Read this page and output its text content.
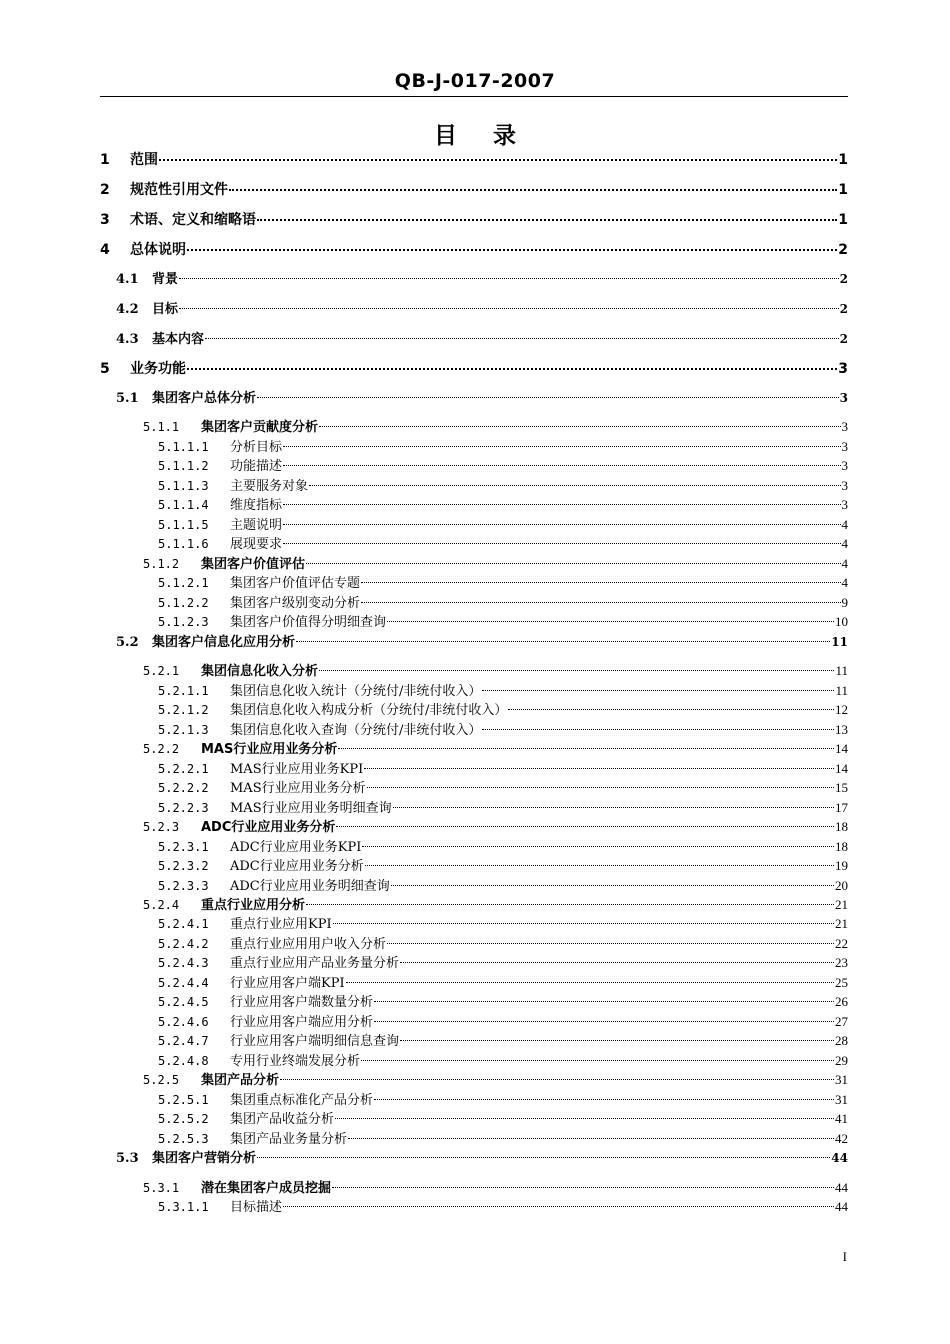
QB-J-017-2007
目 录
1	范围	1
2	规范性引用文件	1
3	术语、定义和缩略语	1
4	总体说明	2
4.1	背景	2
4.2	目标	2
4.3	基本内容	2
5	业务功能	3
5.1	集团客户总体分析	3
5.1.1	集团客户贡献度分析	3
5.1.1.1	分析目标	3
5.1.1.2	功能描述	3
5.1.1.3	主要服务对象	3
5.1.1.4	维度指标	3
5.1.1.5	主题说明	4
5.1.1.6	展现要求	4
5.1.2	集团客户价值评估	4
5.1.2.1	集团客户价值评估专题	4
5.1.2.2	集团客户级别变动分析	9
5.1.2.3	集团客户价值得分明细查询	10
5.2	集团客户信息化应用分析	11
5.2.1	集团信息化收入分析	11
5.2.1.1	集团信息化收入统计（分统付/非统付收入）	11
5.2.1.2	集团信息化收入构成分析（分统付/非统付收入）	12
5.2.1.3	集团信息化收入查询（分统付/非统付收入）	13
5.2.2	MAS行业应用业务分析	14
5.2.2.1	MAS行业应用业务KPI	14
5.2.2.2	MAS行业应用业务分析	15
5.2.2.3	MAS行业应用业务明细查询	17
5.2.3	ADC行业应用业务分析	18
5.2.3.1	ADC行业应用业务KPI	18
5.2.3.2	ADC行业应用业务分析	19
5.2.3.3	ADC行业应用业务明细查询	20
5.2.4	重点行业应用分析	21
5.2.4.1	重点行业应用KPI	21
5.2.4.2	重点行业应用用户收入分析	22
5.2.4.3	重点行业应用产品业务量分析	23
5.2.4.4	行业应用客户端KPI	25
5.2.4.5	行业应用客户端数量分析	26
5.2.4.6	行业应用客户端应用分析	27
5.2.4.7	行业应用客户端明细信息查询	28
5.2.4.8	专用行业终端发展分析	29
5.2.5	集团产品分析	31
5.2.5.1	集团重点标准化产品分析	31
5.2.5.2	集团产品收益分析	41
5.2.5.3	集团产品业务量分析	42
5.3	集团客户营销分析	44
5.3.1	潜在集团客户成员挖掘	44
5.3.1.1	目标描述	44
I
